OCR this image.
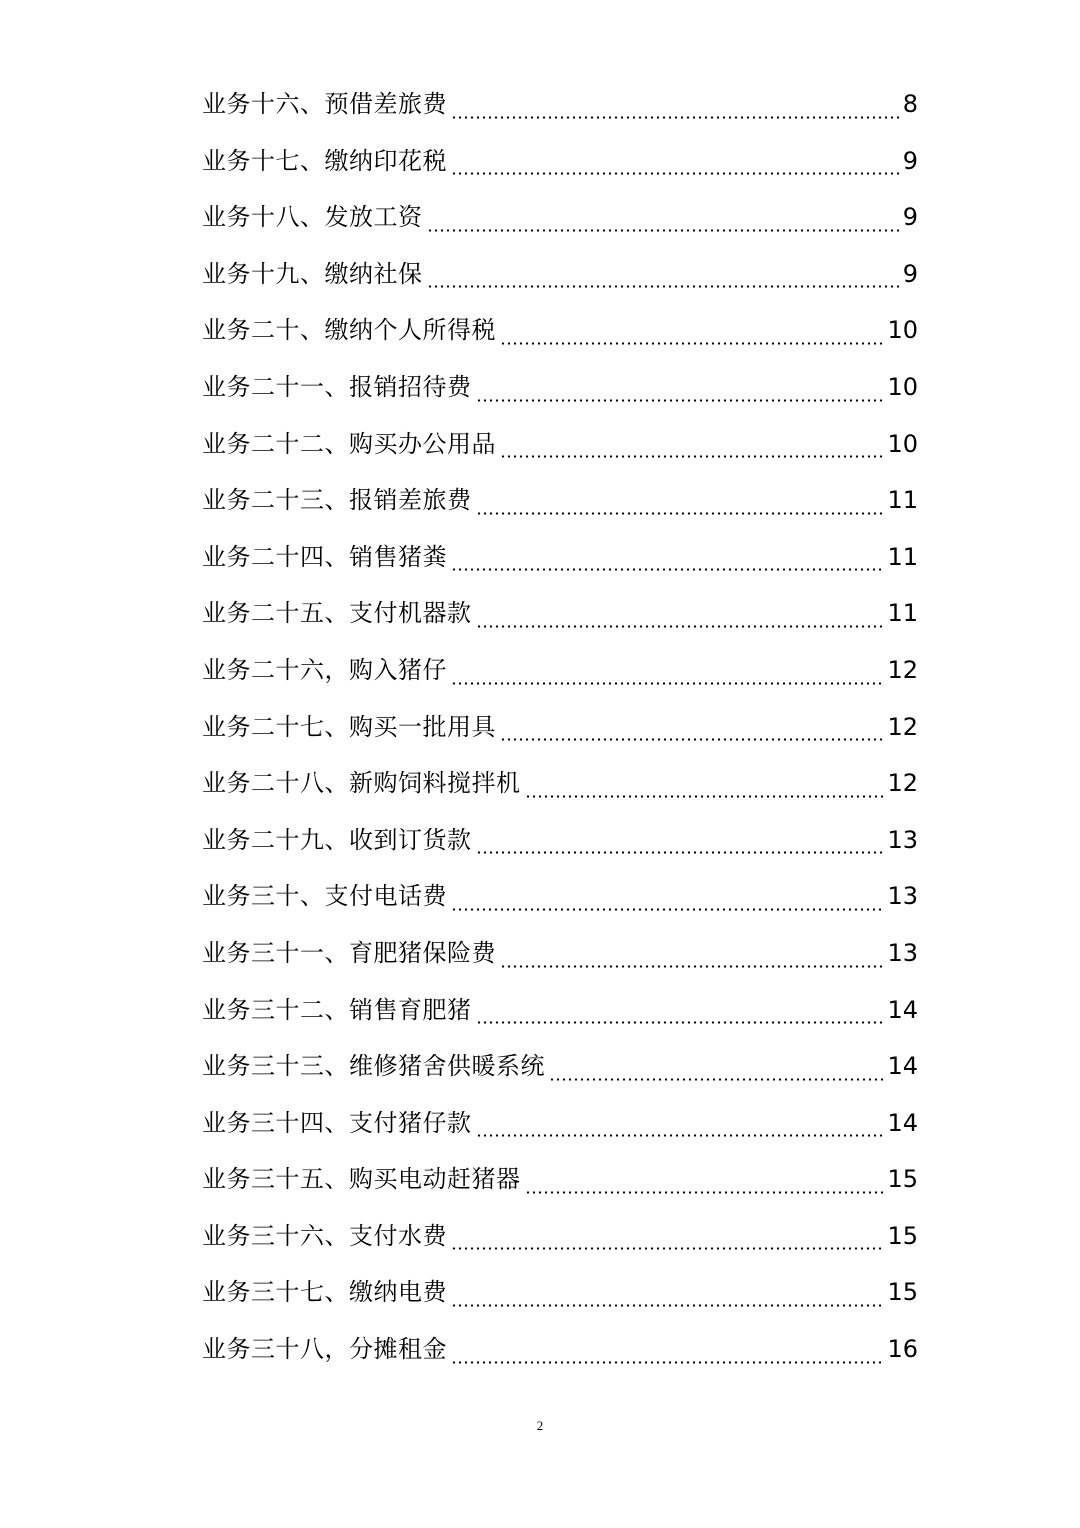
业务十六、预借差旅费	8
业务十七、缴纳印花税	9
业务十八、发放工资	9
业务十九、缴纳社保	9
业务二十、缴纳个人所得税	10
业务二十一、报销招待费	10
业务二十二、购买办公用品	10
业务二十三、报销差旅费	11
业务二十四、销售猪粪	11
业务二十五、支付机器款	11
业务二十六，购入猪仔	12
业务二十七、购买一批用具	12
业务二十八、新购饲料搅拌机	12
业务二十九、收到订货款	13
业务三十、支付电话费	13
业务三十一、育肥猪保险费	13
业务三十二、销售育肥猪	14
业务三十三、维修猪舍供暖系统	14
业务三十四、支付猪仔款	14
业务三十五、购买电动赶猪器	15
业务三十六、支付水费	15
业务三十七、缴纳电费	15
业务三十八，分摊租金	16
2
